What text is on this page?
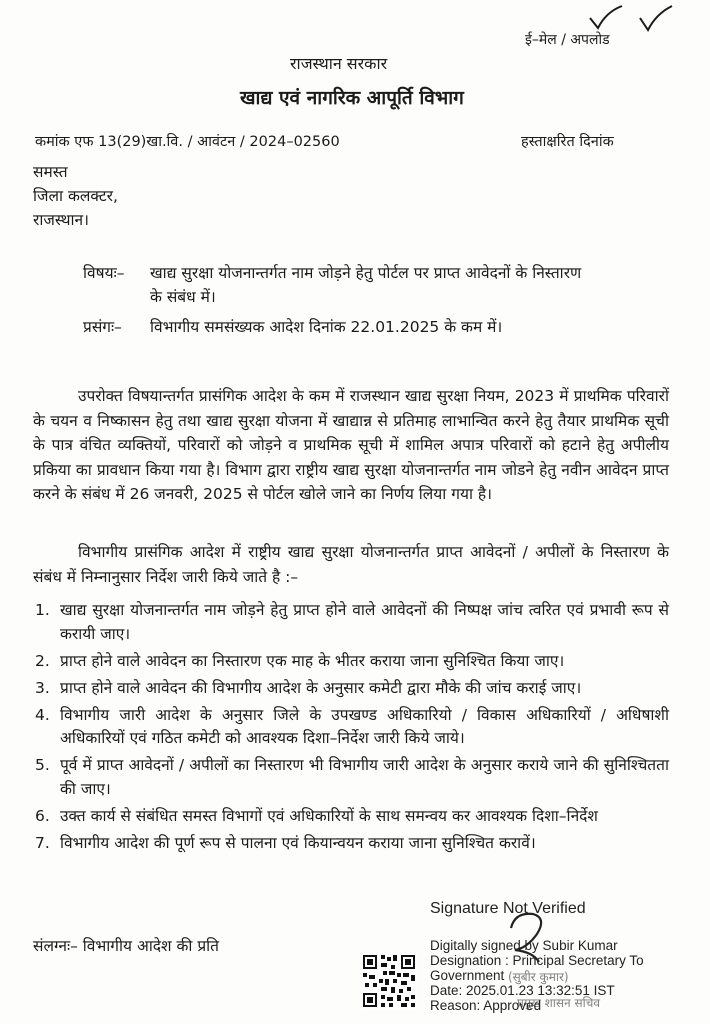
ई–मेल / अपलोड
राजस्थान सरकार
खाद्य एवं नागरिक आपूर्ति विभाग
कमांक एफ 13(29)खा.वि. / आवंटन / 2024–02560	हस्ताक्षरित दिनांक
समस्त
जिला कलक्टर,
राजस्थान।
विषयः– खाद्य सुरक्षा योजनान्तर्गत नाम जोड़ने हेतु पोर्टल पर प्राप्त आवेदनों के निस्तारण
के संबंध में।
प्रसंगः– विभागीय समसंख्यक आदेश दिनांक 22.01.2025 के कम में।
उपरोक्त विषयान्तर्गत प्रासंगिक आदेश के कम में राजस्थान खाद्य सुरक्षा नियम, 2023 में प्राथमिक परिवारों के चयन व निष्कासन हेतु तथा खाद्य सुरक्षा योजना में खाद्यान्न से प्रतिमाह लाभान्वित करने हेतु तैयार प्राथमिक सूची के पात्र वंचित व्यक्तियों, परिवारों को जोड़ने व प्राथमिक सूची में शामिल अपात्र परिवारों को हटाने हेतु अपीलीय प्रकिया का प्रावधान किया गया है। विभाग द्वारा राष्ट्रीय खाद्य सुरक्षा योजनान्तर्गत नाम जोडने हेतु नवीन आवेदन प्राप्त करने के संबंध में 26 जनवरी, 2025 से पोर्टल खोले जाने का निर्णय लिया गया है।
विभागीय प्रासंगिक आदेश में राष्ट्रीय खाद्य सुरक्षा योजनान्तर्गत प्राप्त आवेदनों / अपीलों के निस्तारण के संबंध में निम्नानुसार निर्देश जारी किये जाते है :–
1. खाद्य सुरक्षा योजनान्तर्गत नाम जोड़ने हेतु प्राप्त होने वाले आवेदनों की निष्पक्ष जांच त्वरित एवं प्रभावी रूप से करायी जाए।
2. प्राप्त होने वाले आवेदन का निस्तारण एक माह के भीतर कराया जाना सुनिश्चित किया जाए।
3. प्राप्त होने वाले आवेदन की विभागीय आदेश के अनुसार कमेटी द्वारा मौके की जांच कराई जाए।
4. विभागीय जारी आदेश के अनुसार जिले के उपखण्ड अधिकारियो / विकास अधिकारियों / अधिषाशी अधिकारियों एवं गठित कमेटी को आवश्यक दिशा–निर्देश जारी किये जाये।
5. पूर्व में प्राप्त आवेदनों / अपीलों का निस्तारण भी विभागीय जारी आदेश के अनुसार कराये जाने की सुनिश्चितता की जाए।
6. उक्त कार्य से संबंधित समस्त विभागों एवं अधिकारियों के साथ समन्वय कर आवश्यक दिशा–निर्देश
7. विभागीय आदेश की पूर्ण रूप से पालना एवं कियान्वयन कराया जाना सुनिश्चित करावें।
संलग्नः– विभागीय आदेश की प्रति
Signature Not Verified
(सुबीर कुमार)
प्रमुख शासन सचिव
Digitally signed by Subir Kumar
Designation : Principal Secretary To
Government
Date: 2025.01.23 13:32:51 IST
Reason: Approved
